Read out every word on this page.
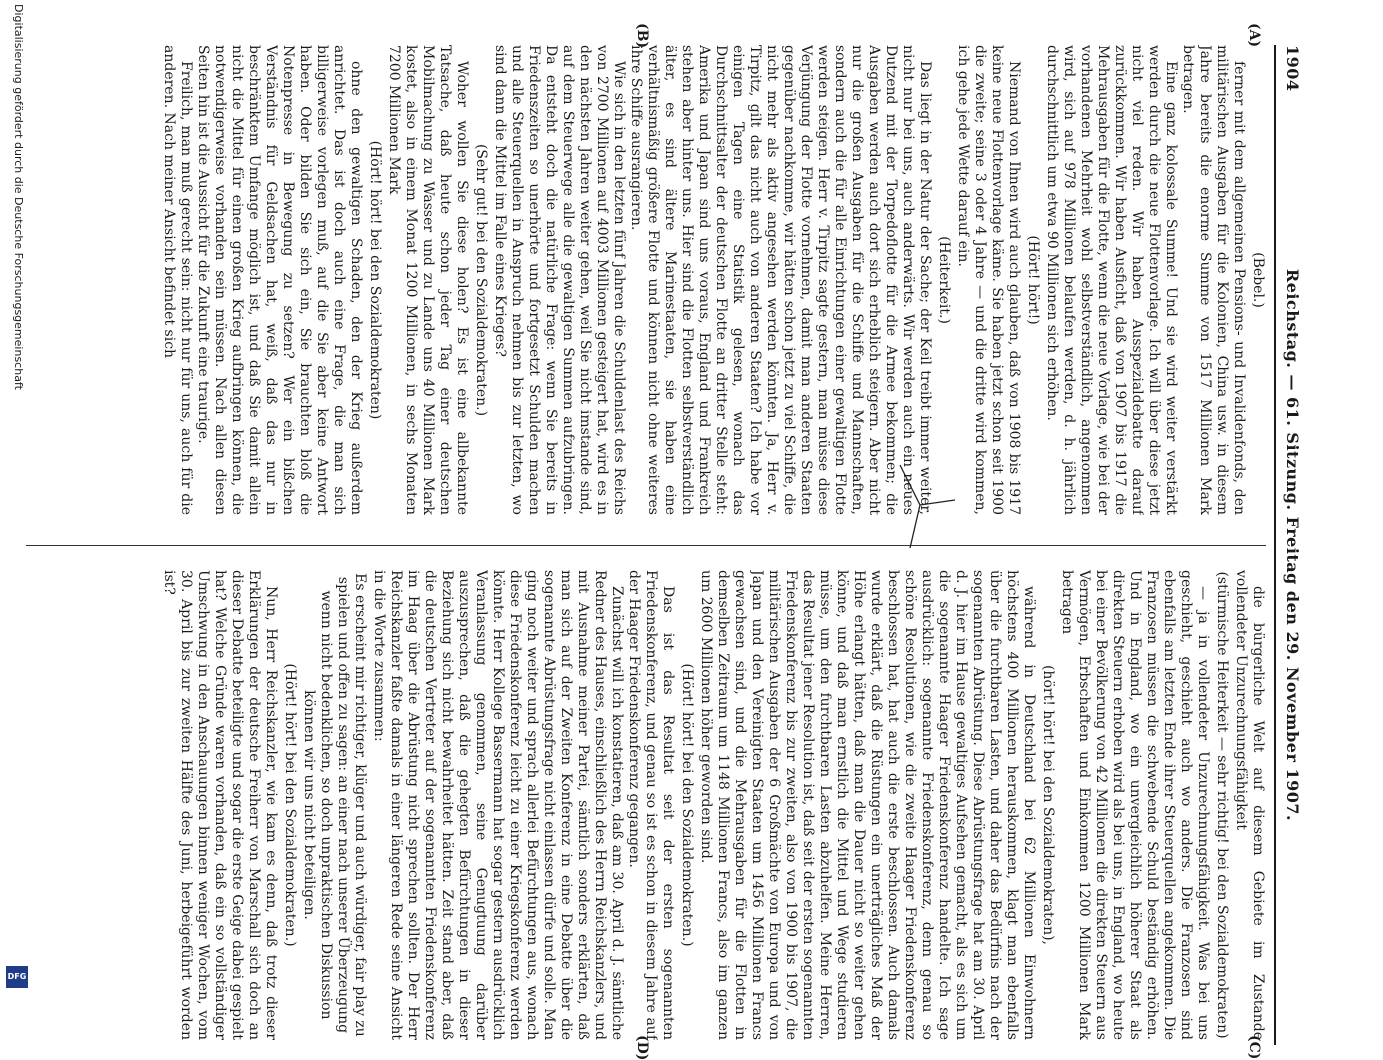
Digitalisierung gefördert durch die Deutsche Forschungsgemeinschaft
DFG
1904
Reichstag. — 61. Sitzung. Freitag den 29. November 1907.
(A)
(B)
(C)
(D)

(Bebel.)

ferner mit dem allgemeinen Pensions- und Invalidenfonds, den militärischen Ausgaben für die Kolonien, China usw. in diesem Jahre bereits die enorme Summe von 1517 Millionen Mark betragen.

Eine ganz kolossale Summe! Und sie wird weiter verstärkt werden durch die neue Flottenvorlage. Ich will über diese jetzt nicht viel reden. Wir haben Ausspezialdebatte darauf zurückkommen. Wir haben Ausficht, daß von 1907 bis 1917 die Mehrausgaben für die Flotte, wenn die neue Vorlage, wie bei der vorhandenen Mehrheit wohl selbstverständlich, angenommen wird, sich auf 978 Millionen belaufen werden, d. h. jährlich durchschnittlich um etwa 90 Millionen sich erhöhen.

(Hört! hört!)

Niemand von Ihnen wird auch glauben, daß von 1908 bis 1917 keine neue Flottenvorlage käme. Sie haben jetzt schon seit 1900 die zweite; seine 3 oder 4 Jahre — und die dritte wird kommen, ich gehe jede Wette darauf ein.

(Heiterkeit.)

Das liegt in der Natur der Sache; der Keil treibt immer weiter, nicht nur bei uns, auch anderwärts. Wir werden auch ein neues Dutzend mit der Torpedoflotte für die Armee bekommen; die Ausgaben werden auch dort sich erheblich steigern. Aber nicht nur die großen Ausgaben für die Schiffe und Mannschaften, sondern auch die für alle Einrichtungen einer gewaltigen Flotte werden steigen. Herr v. Tirpitz sagte gestern, man müsse diese Verjüngung der Flotte vornehmen, damit man anderen Staaten gegenüber nachkomme, wir hätten schon jetzt zu viel Schiffe, die nicht mehr als aktiv angesehen werden könnten. Ja, Herr v. Tirpitz, gilt das nicht auch von anderen Staaten? Ich habe vor einigen Tagen eine Statistik gelesen, wonach das Durchschnittsalter der deutschen Flotte an dritter Stelle steht: Amerika und Japan sind uns voraus, England und Frankreich stehen aber hinter uns. Hier sind die Flotten selbstverständlich älter, es sind ältere Marinestaaten, sie haben eine verhältnismäßig größere Flotte und können nicht ohne weiteres ihre Schiffe ausrangieren.

Wie sich in den letzten fünf Jahren die Schuldenlast des Reichs von 2700 Millionen auf 4003 Millionen gesteigert hat, wird es in den nächsten Jahren weiter gehen, weil Sie nicht imstande sind, auf dem Steuerwege alle die gewaltigen Summen aufzubringen. Da entsteht doch die natürliche Frage: wenn Sie bereits in Friedenszeiten so unerhörte und fortgesetzt Schulden machen und alle Steuerquellen in Anspruch nehmen bis zur letzten, wo sind dann die Mittel im Falle eines Krieges?

(Sehr gut! bei den Sozialdemokraten.)

Woher wollen Sie diese holen? Es ist eine allbekannte Tatsache, daß heute schon jeder Tag einer deutschen Mobilmachung zu Wasser und zu Lande uns 40 Millionen Mark kostet, also in einem Monat 1200 Millionen, in sechs Monaten 7200 Millionen Mark

(Hört! hört! bei den Sozialdemokraten)

ohne den gewaltigen Schaden, den der Krieg außerdem anrichtet. Das ist doch auch eine Frage, die man sich billigerweise vorlegen muß, auf die Sie aber keine Antwort haben. Oder bilden Sie sich ein, Sie brauchten bloß die Notenpresse in Bewegung zu setzen? Wer ein bißchen Verständnis für Geldsachen hat, weiß, daß das nur in beschränktem Umfange möglich ist, und daß Sie damit allein nicht die Mittel für einen großen Krieg aufbringen können, die notwendigerweise vorhanden sein müssen. Nach allen diesen Seiten hin ist die Aussicht für die Zukunft eine traurige.

Freilich, man muß gerecht sein: nicht nur für uns, auch für die anderen. Nach meiner Ansicht befindet sich

die bürgerliche Welt auf diesem Gebiete im Zustande vollendeter Unzurechnungsfähigkeit

(stürmische Heiterkeit — sehr richtig! bei den Sozialdemokraten)

— ja in vollendeter Unzurechnungsfähigkeit. Was bei uns geschieht, geschieht auch wo anders. Die Franzosen sind ebenfalls am letzten Ende ihrer Steuerquellen angekommen. Die Franzosen müssen die schwebende Schuld beständig erhöhen. Und in England, wo ein unvergleichlich höherer Staat als direkten Steuern erhoben wird als bei uns, in England, wo heute bei einer Bevölkerung von 42 Millionen die direkten Steuern aus Vermögen, Erbschaften und Einkommen 1200 Millionen Mark betragen

(hört! hört! bei den Sozialdemokraten),

während in Deutschland bei 62 Millionen Einwohnern höchstens 400 Millionen herauskommen, klagt man ebenfalls über die furchtbaren Lasten, und daher das Bedürfnis nach der sogenannten Abrüstung. Diese Abrüstungsfrage hat am 30. April d. J. hier im Hause gewaltiges Aufsehen gemacht, als es sich um die sogenannte Haager Friedenskonferenz handelte. Ich sage ausdrücklich: sogenannte Friedenskonferenz, denn genau so schöne Resolutionen, wie die zweite Haager Friedenskonferenz beschlossen hat, hat auch die erste beschlossen. Auch damals wurde erklärt, daß die Rüstungen ein unerträgliches Maß der Höhe erlangt hätten, daß man die Dauer nicht so weiter gehen könne, und daß man ernstlich die Mittel und Wege studieren müsse, um den furchtbaren Lasten abzuhelfen. Meine Herren, das Resultat jener Resolution ist, daß seit der ersten sogenannten Friedenskonferenz bis zur zweiten, also von 1900 bis 1907, die militärischen Ausgaben der 6 Großmächte von Europa und von Japan und den Vereinigten Staaten um 1456 Millionen Francs gewachsen sind, und die Mehrausgaben für die Flotten in demselben Zeitraum um 1148 Millionen Francs, also im ganzen um 2600 Millionen höher geworden sind.

(Hört! hört! bei den Sozialdemokraten.)

Das ist das Resultat seit der ersten sogenannten Friedenskonferenz, und genau so ist es schon in diesem Jahre auf der Haager Friedenskonferenz gegangen.

Zunächst will ich konstatieren, daß am 30. April d. J. sämtliche Redner des Hauses, einschließlich des Herrn Reichskanzlers, und mit Ausnahme meiner Partei, sämtlich sonders erklärten, daß man sich auf der Zweiten Konferenz in eine Debatte über die sogenannte Abrüstungsfrage nicht einlassen dürfe und solle. Man ging noch weiter und sprach allerlei Befürchtungen aus, wonach diese Friedenskonferenz leicht zu einer Kriegskonferenz werden könnte. Herr Kollege Bassermann hat sogar gestern ausdrücklich Veranlassung genommen, seine Genugtuung darüber auszusprechen, daß die gehegten Befürchtungen in dieser Beziehung sich nicht bewahrheitet hätten. Zeit stand aber, daß die deutschen Vertreter auf der sogenannten Friedenskonferenz im Haag über die Abrüstung nicht sprechen sollten. Der Herr Reichskanzler faßte damals in einer längeren Rede seine Ansicht in die Worte zusammen:

Es erscheint mir richtiger, klüger und auch würdiger, fair play zu spielen und offen zu sagen: an einer nach unserer Überzeugung wenn nicht bedenklichen, so doch unpraktischen Diskussion können wir uns nicht beteiligen.

(Hört! hört! bei den Sozialdemokraten.)

Nun, Herr Reichskanzler, wie kam es denn, daß trotz dieser Erklärungen der deutsche Freiherr von Marschall sich doch an dieser Debatte beteiligte und sogar die erste Geige dabei gespielt hat? Welche Gründe waren vorhanden, daß ein so vollständiger Umschwung in den Anschauungen binnen weniger Wochen, vom 30. April bis zur zweiten Hälfte des Juni, herbeigeführt worden ist?
